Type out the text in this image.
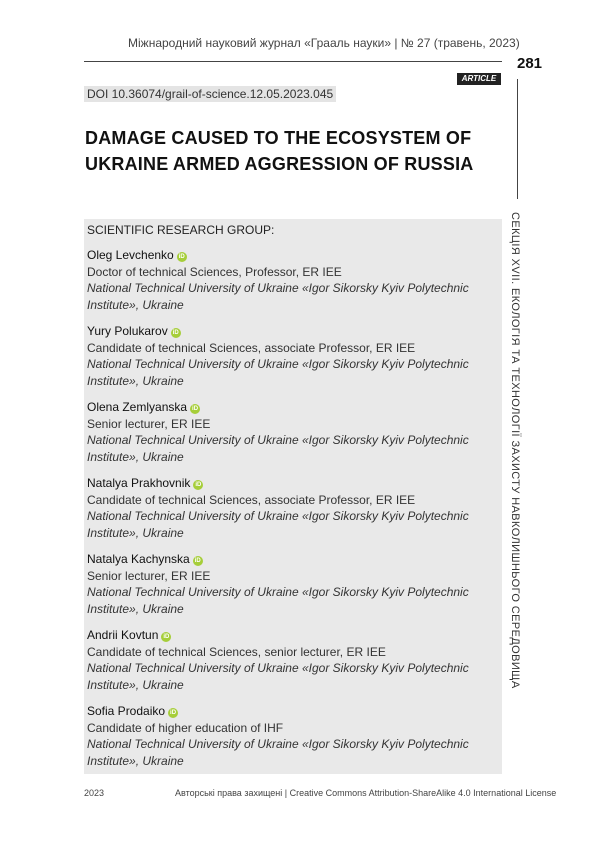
Міжнародний науковий журнал «Грааль науки» | № 27 (травень, 2023)
281
ARTICLE
DOI 10.36074/grail-of-science.12.05.2023.045
DAMAGE CAUSED TO THE ECOSYSTEM OF UKRAINE ARMED AGGRESSION OF RUSSIA
СЕКЦІЯ XVII. ЕКОЛОГІЯ ТА ТЕХНОЛОГІЇ ЗАХИСТУ НАВКОЛИШНЬОГО СЕРЕДОВИЩА
SCIENTIFIC RESEARCH GROUP:
Oleg Levchenko iD
Doctor of technical Sciences, Professor, ER IEE
National Technical University of Ukraine «Igor Sikorsky Kyiv Polytechnic Institute», Ukraine
Yury Polukarov iD
Candidate of technical Sciences, associate Professor, ER IEE
National Technical University of Ukraine «Igor Sikorsky Kyiv Polytechnic Institute», Ukraine
Olena Zemlyanska iD
Senior lecturer, ER IEE
National Technical University of Ukraine «Igor Sikorsky Kyiv Polytechnic Institute», Ukraine
Natalya Prakhovnik iD
Candidate of technical Sciences, associate Professor, ER IEE
National Technical University of Ukraine «Igor Sikorsky Kyiv Polytechnic Institute», Ukraine
Natalya Kachynska iD
Senior lecturer, ER IEE
National Technical University of Ukraine «Igor Sikorsky Kyiv Polytechnic Institute», Ukraine
Andrii Kovtun iD
Candidate of technical Sciences, senior lecturer, ER IEE
National Technical University of Ukraine «Igor Sikorsky Kyiv Polytechnic Institute», Ukraine
Sofia Prodaiko iD
Candidate of higher education of IHF
National Technical University of Ukraine «Igor Sikorsky Kyiv Polytechnic Institute», Ukraine
2023	Авторські права захищені | Creative Commons Attribution-ShareAlike 4.0 International License
